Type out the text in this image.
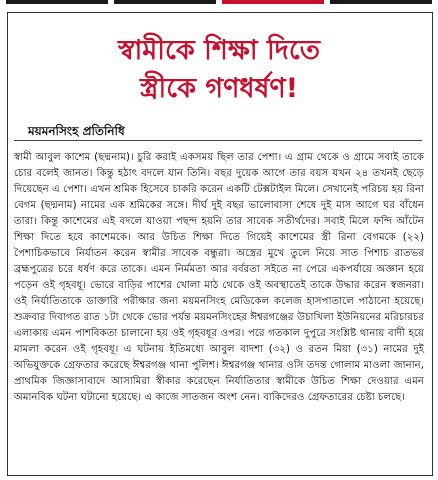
স্বামীকে শিক্ষা দিতে
স্ত্রীকে গণধর্ষণ!
ময়মনসিংহ প্রতিনিধি

স্বামী আবুল কাশেম (ছদ্মনাম)। চুরি করাই একসময় ছিল তার পেশা। এ গ্রাম থেকে ও গ্রামে সবাই তাকে চোর বলেই জানত। কিন্তু হঠাৎ বদলে যান তিনি। বছর দুয়েক আগে তার বয়স যখন ২৪ তখনই ছেড়ে দিয়েছেন এ পেশা। এখন শ্রমিক হিসেবে চাকরি করেন একটি টেক্সটাইল মিলে। সেখানেই পরিচয় হয় রিনা বেগম (ছদ্মনাম) নামের এক শ্রমিকের সঙ্গে। দীর্ঘ দুই বছর ভালোবাসা শেষে দুই মাস আগে ঘর বাঁধেন তারা। কিন্তু কাশেমের এই বদলে যাওয়া পছন্দ হয়নি তার সাবেক সতীর্থদের। সবাই মিলে ফন্দি আঁটেন শিক্ষা দিতে হবে কাশেমকে। আর উচিত শিক্ষা দিতে গিয়েই কাশেমের স্ত্রী রিনা বেগমকে (২২) পৈশাচিকভাবে নির্যাতন করেন স্বামীর সাবেক বন্ধুরা। অস্ত্রের মুখে তুলে নিয়ে সাত পিশাচ রাতভর ব্রহ্মপুত্রের চরে ধর্ষণ করে তাকে। এমন নির্মমতা আর বর্বরতা সইতে না পেরে একপর্যায়ে অজ্ঞান হয়ে পড়েন ওই গৃহবধূ। ভোরে বাড়ির পাশের খোলা মাঠ থেকে ওই অবস্থাতেই তাকে উদ্ধার করেন স্বজনরা। ওই নির্যাতিতাকে ডাক্তারি পরীক্ষার জন্য ময়মনসিংহ মেডিকেল কলেজ হাসপাতালে পাঠানো হয়েছে। শুক্রবার দিবাগত রাত ১টা থেকে ভোর পর্যন্ত ময়মনসিংহের ঈশ্বরগঞ্জের উচাখিলা ইউনিয়নের মরিচারচর এলাকায় এমন পাশবিকতা চালানো হয় ওই গৃহবধূর ওপর। পরে গতকাল দুপুরে সংশ্লিষ্ট থানায় বাদী হয়ে মামলা করেন ওই গৃহবধূ। এ ঘটনায় ইতিমধ্যে আবুল বাদশা (৩২) ও রতন মিয়া (৩১) নামের দুই অভিযুক্তকে গ্রেফতার করেছে ঈশ্বরগঞ্জ থানা পুলিশ। ঈশ্বরগঞ্জ থানার ওসি তদন্ত গোলাম মাওলা জানান, প্রাথমিক জিজ্ঞাসাবাদে আসামিরা স্বীকার করেছেন নির্যাতিতার স্বামীকে উচিত শিক্ষা দেওয়ার এমন অমানবিক ঘটনা ঘটানো হয়েছে। এ কাজে সাতজন অংশ নেন। বাকিদেরও গ্রেফতারের চেষ্টা চলছে।
